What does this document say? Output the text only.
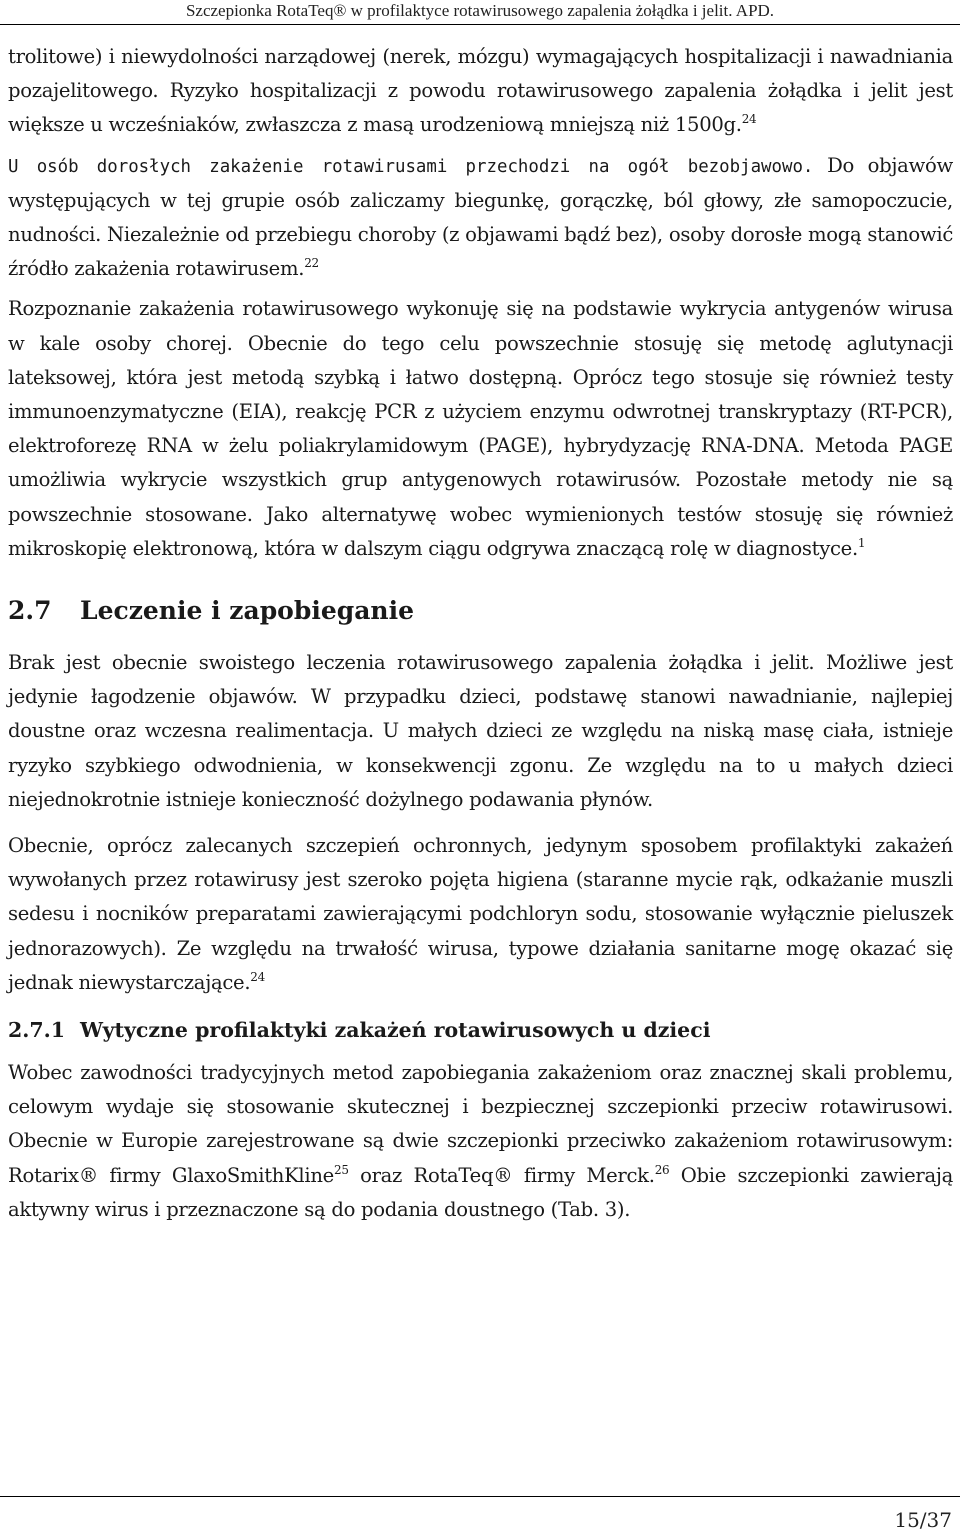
Szczepionka RotaTeq® w profilaktyce rotawirusowego zapalenia żołądka i jelit. APD.

trolitowe) i niewydolności narządowej (nerek, mózgu) wymagających hospitalizacji i nawadniania pozajelitowego. Ryzyko hospitalizacji z powodu rotawirusowego zapalenia żołądka i jelit jest większe u wcześniaków, zwłaszcza z masą urodzeniową mniejszą niż 1500g.$^{24}$

U osób dorosłych zakażenie rotawirusami przechodzi na ogół bezobjawowo. Do objawów występujących w tej grupie osób zaliczamy biegunkę, gorączkę, ból głowy, złe samopoczucie, nudności. Niezależnie od przebiegu choroby (z objawami bądź bez), osoby dorosłe mogą stanowić źródło zakażenia rotawirusem.$^{22}$

Rozpoznanie zakażenia rotawirusowego wykonuję się na podstawie wykrycia antygenów wirusa w kale osoby chorej. Obecnie do tego celu powszechnie stosuję się metodę aglutynacji lateksowej, która jest metodą szybką i łatwo dostępną. Oprócz tego stosuje się również testy immunoenzymatyczne (EIA), reakcję PCR z użyciem enzymu odwrotnej transkryptazy (RT-PCR), elektroforezę RNA w żelu poliakrylamidowym (PAGE), hybrydyzację RNA-DNA. Metoda PAGE umożliwia wykrycie wszystkich grup antygenowych rotawirusów. Pozostałe metody nie są powszechnie stosowane. Jako alternatywę wobec wymienionych testów stosuję się również mikroskopię elektronową, która w dalszym ciągu odgrywa znaczącą rolę w diagnostyce.$^1$

2.7 Leczenie i zapobieganie

Brak jest obecnie swoistego leczenia rotawirusowego zapalenia żołądka i jelit. Możliwe jest jedynie łagodzenie objawów. W przypadku dzieci, podstawę stanowi nawadnianie, najlepiej doustne oraz wczesna realimentacja. U małych dzieci ze względu na niską masę ciała, istnieje ryzyko szybkiego odwodnienia, w konsekwencji zgonu. Ze względu na to u małych dzieci niejednokrotnie istnieje konieczność dożylnego podawania płynów.

Obecnie, oprócz zalecanych szczepień ochronnych, jedynym sposobem profilaktyki zakażeń wywołanych przez rotawirusy jest szeroko pojęta higiena (staranne mycie rąk, odkażanie muszli sedesu i nocników preparatami zawierającymi podchloryn sodu, stosowanie wyłącznie pieluszek jednorazowych). Ze względu na trwałość wirusa, typowe działania sanitarne mogę okazać się jednak niewystarczające.$^{24}$

2.7.1 Wytyczne profilaktyki zakażeń rotawirusowych u dzieci

Wobec zawodności tradycyjnych metod zapobiegania zakażeniom oraz znacznej skali problemu, celowym wydaje się stosowanie skutecznej i bezpiecznej szczepionki przeciw rotawirusowi. Obecnie w Europie zarejestrowane są dwie szczepionki przeciwko zakażeniom rotawirusowym: Rotarix® firmy GlaxoSmithKline$^{25}$ oraz RotaTeq® firmy Merck.$^{26}$ Obie szczepionki zawierają aktywny wirus i przeznaczone są do podania doustnego (Tab. 3).

15/37
